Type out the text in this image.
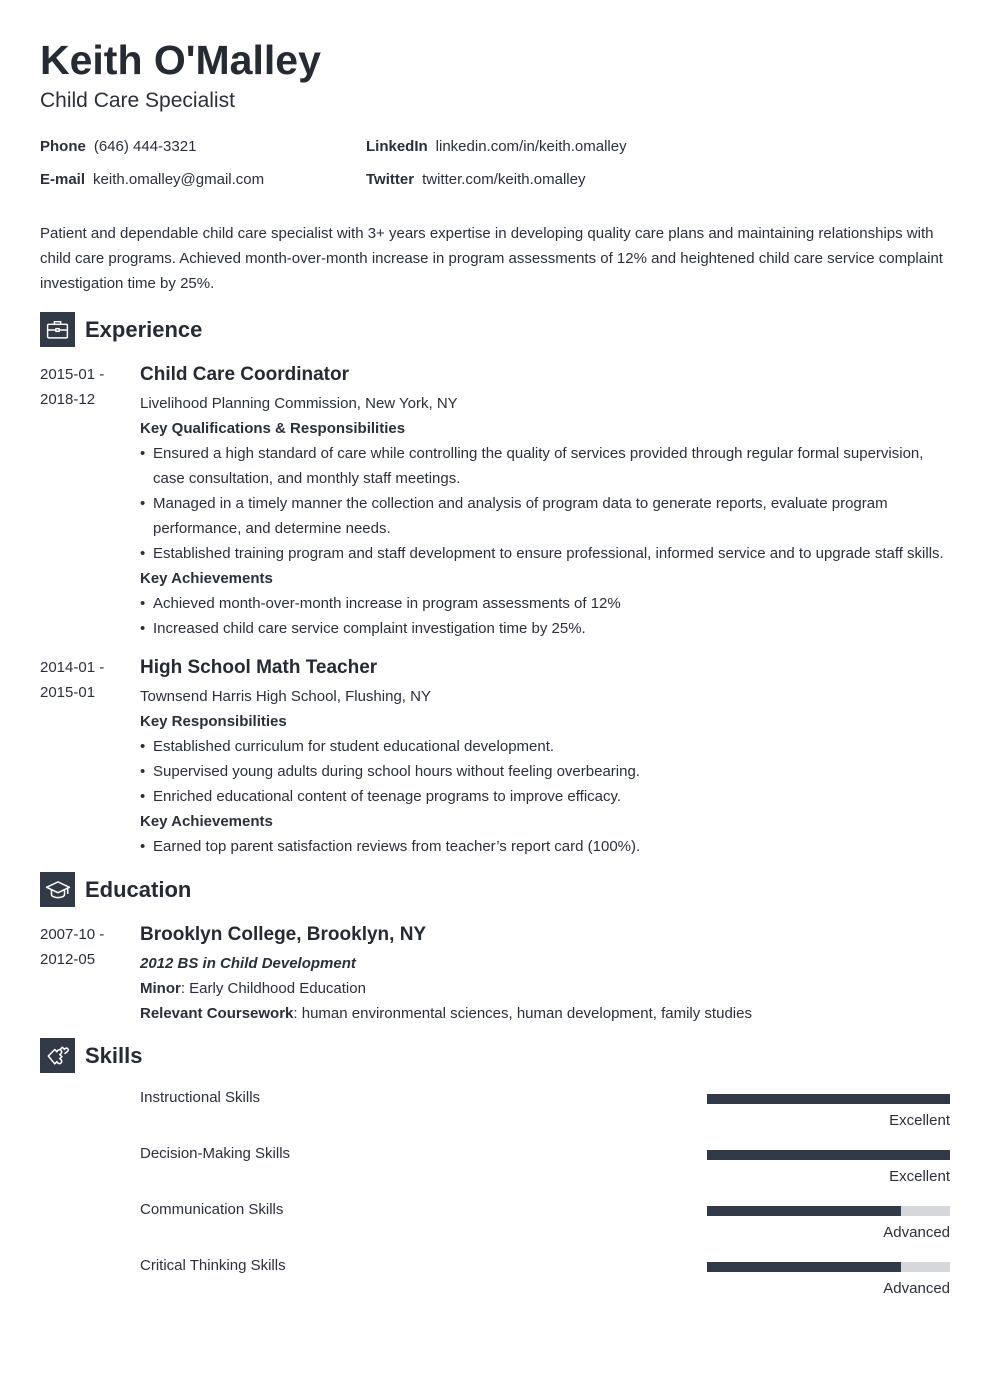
Keith O'Malley
Child Care Specialist
Phone (646) 444-3321	LinkedIn linkedin.com/in/keith.omalley
E-mail keith.omalley@gmail.com	Twitter twitter.com/keith.omalley
Patient and dependable child care specialist with 3+ years expertise in developing quality care plans and maintaining relationships with child care programs. Achieved month-over-month increase in program assessments of 12% and heightened child care service complaint investigation time by 25%.
Experience
2015-01 -
2018-12
Child Care Coordinator
Livelihood Planning Commission, New York, NY
Key Qualifications & Responsibilities
• Ensured a high standard of care while controlling the quality of services provided through regular formal supervision, case consultation, and monthly staff meetings.
• Managed in a timely manner the collection and analysis of program data to generate reports, evaluate program performance, and determine needs.
• Established training program and staff development to ensure professional, informed service and to upgrade staff skills.
Key Achievements
• Achieved month-over-month increase in program assessments of 12%
• Increased child care service complaint investigation time by 25%.
2014-01 -
2015-01
High School Math Teacher
Townsend Harris High School, Flushing, NY
Key Responsibilities
• Established curriculum for student educational development.
• Supervised young adults during school hours without feeling overbearing.
• Enriched educational content of teenage programs to improve efficacy.
Key Achievements
• Earned top parent satisfaction reviews from teacher’s report card (100%).
Education
2007-10 -
2012-05
Brooklyn College, Brooklyn, NY
2012 BS in Child Development
Minor: Early Childhood Education
Relevant Coursework: human environmental sciences, human development, family studies
Skills
Instructional Skills
Excellent
Decision-Making Skills
Excellent
Communication Skills
Advanced
Critical Thinking Skills
Advanced
